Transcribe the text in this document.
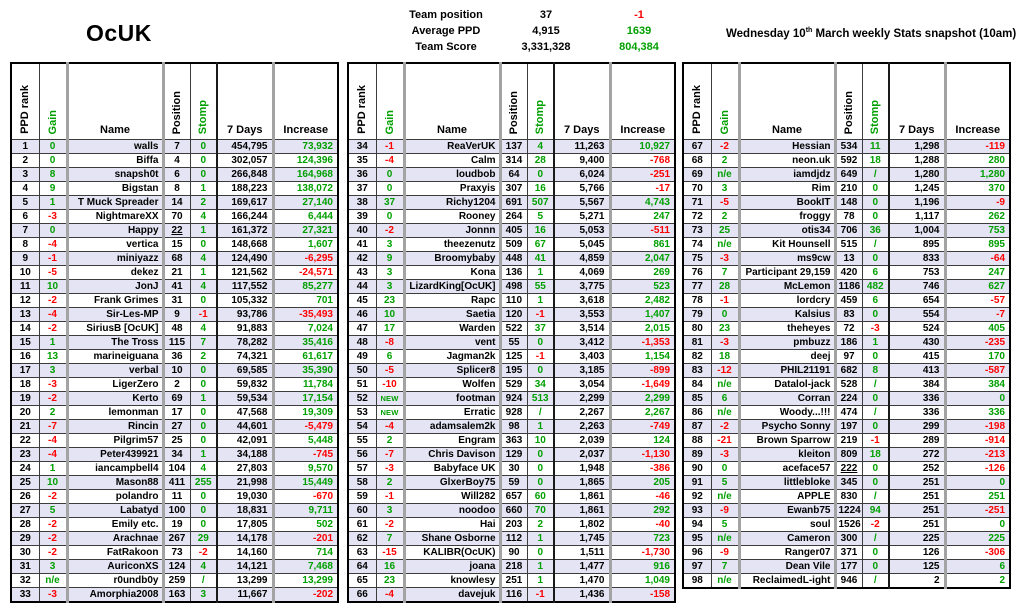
OcUK
Team position	37	-1
Average PPD	4,915	1639
Team Score	3,331,328	804,384
Wednesday 10th March weekly Stats snapshot (10am)
PPD rank	Gain	Name	Position	Stomp	7 Days	Increase
1	0	walls	7	0	454,795	73,932
2	0	Biffa	4	0	302,057	124,396
3	8	snapsh0t	6	0	266,848	164,968
4	9	Bigstan	8	1	188,223	138,072
5	1	T Muck Spreader	14	2	169,617	27,140
6	-3	NightmareXX	70	4	166,244	6,444
7	0	Happy	22	1	161,372	27,321
8	-4	vertica	15	0	148,668	1,607
9	-1	miniyazz	68	4	124,490	-6,295
10	-5	dekez	21	1	121,562	-24,571
11	10	JonJ	41	4	117,552	85,277
12	-2	Frank Grimes	31	0	105,332	701
13	-4	Sir-Les-MP	9	-1	93,786	-35,493
14	-2	SiriusB [OcUK]	48	4	91,883	7,024
15	1	The Tross	115	7	78,282	35,416
16	13	marineiguana	36	2	74,321	61,617
17	3	verbal	10	0	69,585	35,390
18	-3	LigerZero	2	0	59,832	11,784
19	-2	Kerto	69	1	59,534	17,154
20	2	lemonman	17	0	47,568	19,309
21	-7	Rincin	27	0	44,601	-5,479
22	-4	Pilgrim57	25	0	42,091	5,448
23	-4	Peter439921	34	1	34,188	-745
24	1	iancampbell4	104	4	27,803	9,570
25	10	Mason88	411	255	21,998	15,449
26	-2	polandro	11	0	19,030	-670
27	5	Labatyd	100	0	18,831	9,711
28	-2	Emily etc.	19	0	17,805	502
29	-2	Arachnae	267	29	14,178	-201
30	-2	FatRakoon	73	-2	14,160	714
31	3	AuriconXS	124	4	14,121	7,468
32	n/e	r0undb0y	259	/	13,299	13,299
33	-3	Amorphia2008	163	3	11,667	-202
PPD rank	Gain	Name	Position	Stomp	7 Days	Increase
34	-1	ReaVerUK	137	4	11,263	10,927
35	-4	Calm	314	28	9,400	-768
36	0	loudbob	64	0	6,024	-251
37	0	Praxyis	307	16	5,766	-17
38	37	Richy1204	691	507	5,567	4,743
39	0	Rooney	264	5	5,271	247
40	-2	Jonnn	405	16	5,053	-511
41	3	theezenutz	509	67	5,045	861
42	9	Broomybaby	448	41	4,859	2,047
43	3	Kona	136	1	4,069	269
44	3	LizardKing[OcUK]	498	55	3,775	523
45	23	Rapc	110	1	3,618	2,482
46	10	Saetia	120	-1	3,553	1,407
47	17	Warden	522	37	3,514	2,015
48	-8	vent	55	0	3,412	-1,353
49	6	Jagman2k	125	-1	3,403	1,154
50	-5	Splicer8	195	0	3,185	-899
51	-10	Wolfen	529	34	3,054	-1,649
52	NEW	footman	924	513	2,299	2,299
53	NEW	Erratic	928	/	2,267	2,267
54	-4	adamsalem2k	98	1	2,263	-749
55	2	Engram	363	10	2,039	124
56	-7	Chris Davison	129	0	2,037	-1,130
57	-3	Babyface UK	30	0	1,948	-386
58	2	GlxerBoy75	59	0	1,865	205
59	-1	Will282	657	60	1,861	-46
60	3	noodoo	660	70	1,861	292
61	-2	Hai	203	2	1,802	-40
62	7	Shane Osborne	112	1	1,745	723
63	-15	KALIBR(OcUK)	90	0	1,511	-1,730
64	16	joana	218	1	1,477	916
65	23	knowlesy	251	1	1,470	1,049
66	-4	davejuk	116	-1	1,436	-158
PPD rank	Gain	Name	Position	Stomp	7 Days	Increase
67	-2	Hessian	534	11	1,298	-119
68	2	neon.uk	592	18	1,288	280
69	n/e	iamdjdz	649	/	1,280	1,280
70	3	Rim	210	0	1,245	370
71	-5	BookIT	148	0	1,196	-9
72	2	froggy	78	0	1,117	262
73	25	otis34	706	36	1,004	753
74	n/e	Kit Hounsell	515	/	895	895
75	-3	ms9cw	13	0	833	-64
76	7	Participant 29,159	420	6	753	247
77	28	McLemon	1186	482	746	627
78	-1	lordcry	459	6	654	-57
79	0	Kalsius	83	0	554	-7
80	23	theheyes	72	-3	524	405
81	-3	pmbuzz	186	1	430	-235
82	18	deej	97	0	415	170
83	-12	PHIL21191	682	8	413	-587
84	n/e	Datalol-jack	528	/	384	384
85	6	Corran	224	0	336	0
86	n/e	Woody...!!!	474	/	336	336
87	-2	Psycho Sonny	197	0	299	-198
88	-21	Brown Sparrow	219	-1	289	-914
89	-3	kleiton	809	18	272	-213
90	0	aceface57	222	0	252	-126
91	5	littlebloke	345	0	251	0
92	n/e	APPLE	830	/	251	251
93	-9	Ewanb75	1224	94	251	-251
94	5	soul	1526	-2	251	0
95	n/e	Cameron	300	/	225	225
96	-9	Ranger07	371	0	126	-306
97	7	Dean Vile	177	0	125	6
98	n/e	ReclaimedL-ight	946	/	2	2
